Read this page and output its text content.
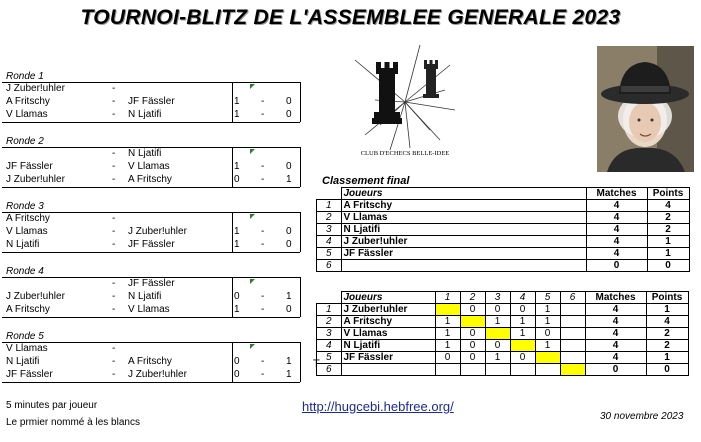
TOURNOI-BLITZ DE L'ASSEMBLEE GENERALE 2023
Ronde 1
J Zuber!uhler	-
A Fritschy	- JF Fässler	1 - 0
V Llamas	- N Ljatifi	1 - 0
Ronde 2
- N Ljatifi
JF Fässler	- V Llamas	1 - 0
J Zuber!uhler	- A Fritschy	0 - 1
Ronde 3
A Fritschy	-
V Llamas	- J Zuber!uhler	1 - 0
N Ljatifi	- JF Fässler	1 - 0
Ronde 4
- JF Fässler
J Zuber!uhler	- N Ljatifi	0 - 1
A Fritschy	- V Llamas	1 - 0
Ronde 5
V Llamas	-
N Ljatifi	- A Fritschy	0 - 1
JF Fässler	- J Zuber!uhler	0 - 1
CLUB D'ECHECS BELLE-IDEE
Classement final
	Joueurs	Matches	Points
1	A Fritschy	4	4
2	V Llamas	4	2
3	N Ljatifi	4	2
4	J Zuber!uhler	4	1
5	JF Fässler	4	1
6		0	0
	Joueurs	1	2	3	4	5	6	Matches	Points
1	J Zuber!uhler		0	0	0	1		4	1
2	A Fritschy	1		1	1	1		4	4
3	V Llamas	1	0		1	0		4	2
4	N Ljatifi	1	0	0		1		4	2
5	JF Fässler	0	0	1	0			4	1
6								0	0
T
5 minutes par joueur
Le prmier nommé à les blancs
http://hugcebi.hebfree.org/
30 novembre 2023
